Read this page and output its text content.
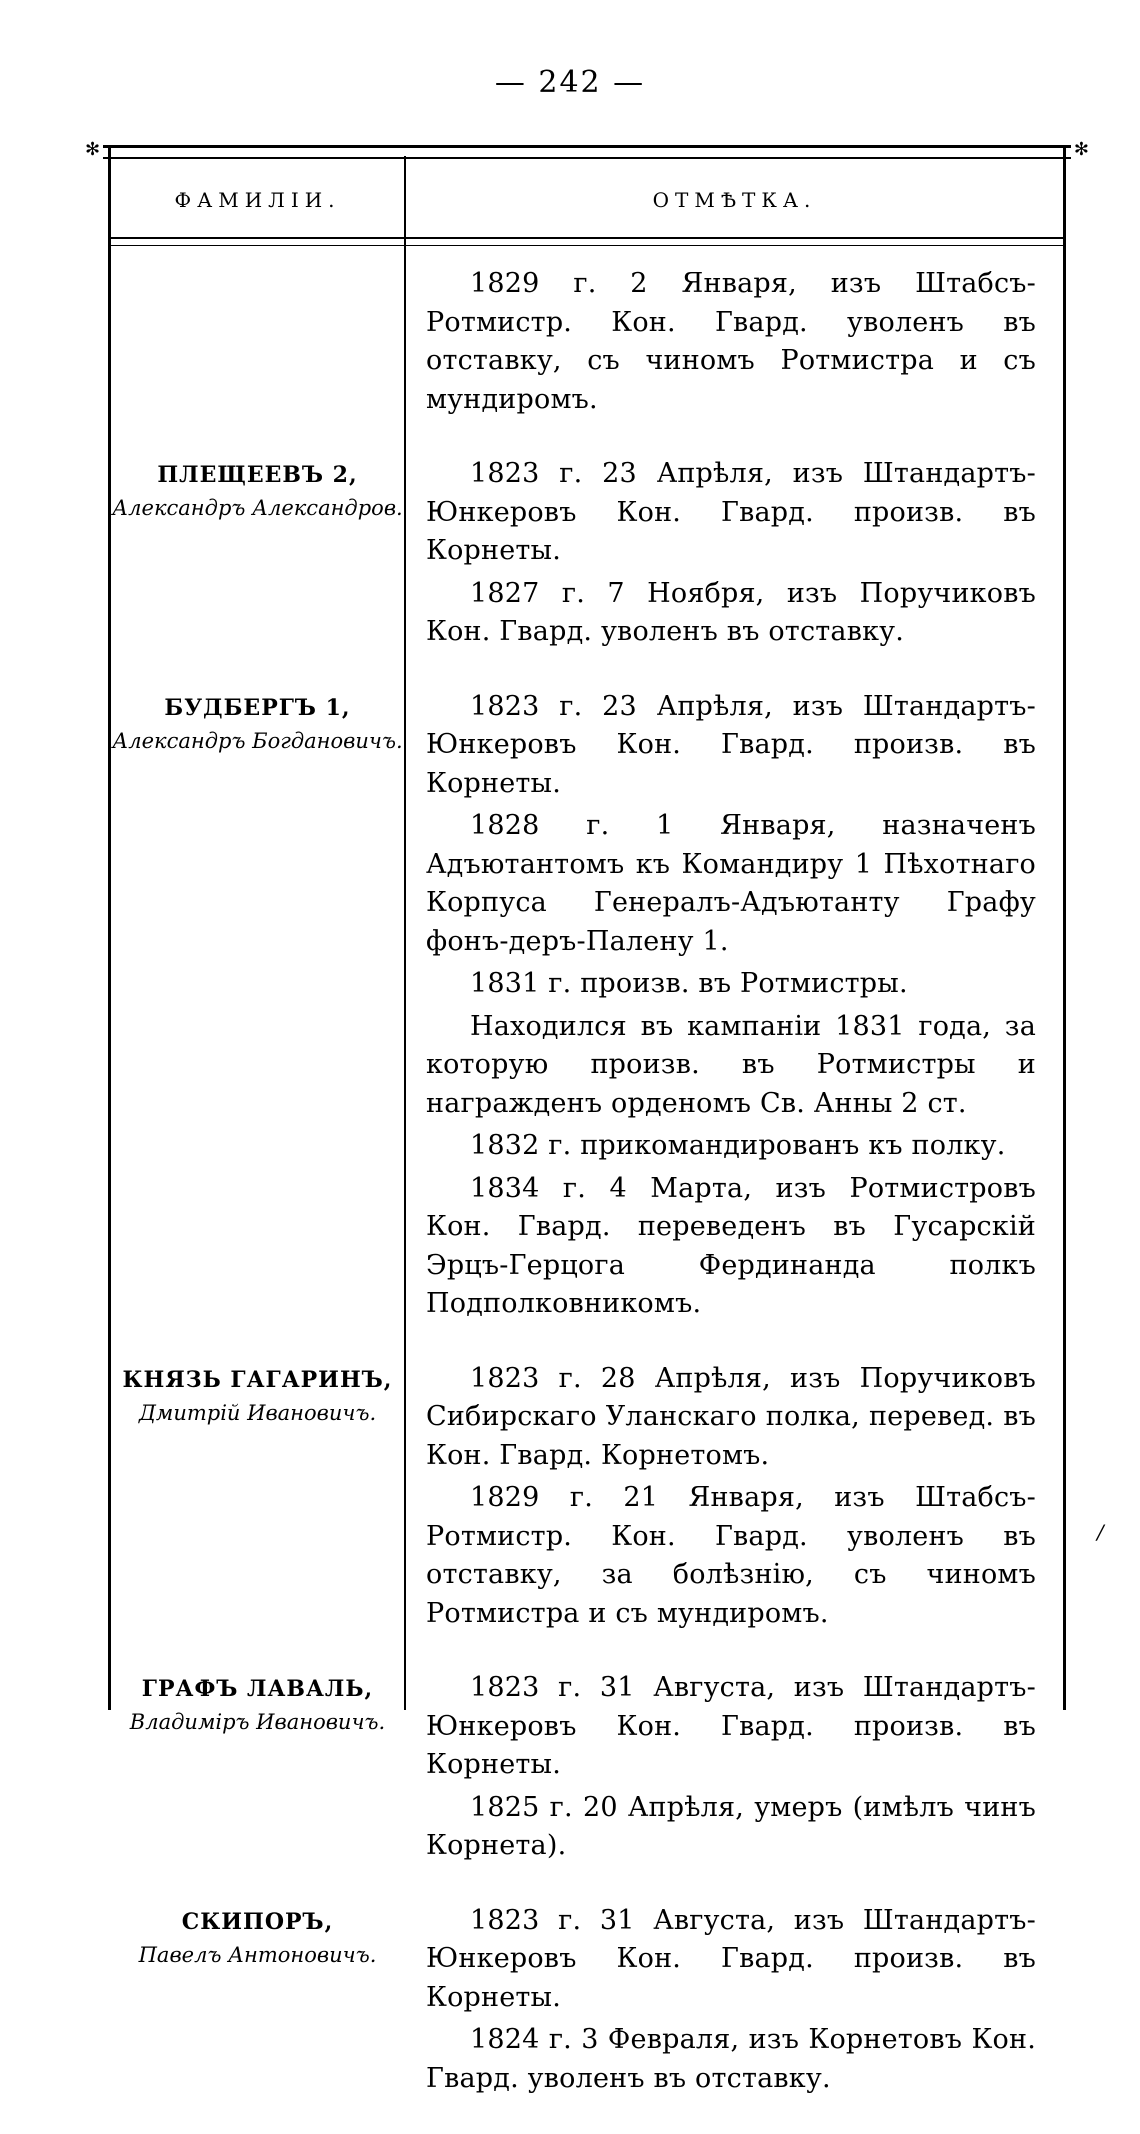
— 242 —
✻	✻
ФАМИЛIИ.	ОТМѢТКА.

1829 г. 2 Января, изъ Штабсъ-Ротмистр. Кон. Гвард. уволенъ въ отставку, съ чиномъ Ротмистра и съ мундиромъ.

ПЛЕЩЕЕВЪ 2,
Александръ Александров.

1823 г. 23 Апрѣля, изъ Штандартъ-Юнкеровъ Кон. Гвард. произв. въ Корнеты.

1827 г. 7 Ноября, изъ Поручиковъ Кон. Гвард. уволенъ въ отставку.

БУДБЕРГЪ 1,
Александръ Богдановичъ.

1823 г. 23 Апрѣля, изъ Штандартъ-Юнкеровъ Кон. Гвард. произв. въ Корнеты.

1828 г. 1 Января, назначенъ Адъютантомъ къ Командиру 1 Пѣхотнаго Корпуса Генералъ-Адъютанту Графу фонъ-деръ-Палену 1.

1831 г. произв. въ Ротмистры.

Находился въ кампанiи 1831 года, за которую произв. въ Ротмистры и награжденъ орденомъ Св. Анны 2 ст.

1832 г. прикомандированъ къ полку.

1834 г. 4 Марта, изъ Ротмистровъ Кон. Гвард. переведенъ въ Гусарскiй Эрцъ-Герцога Фердинанда полкъ Подполковникомъ.

КНЯЗЬ ГАГАРИНЪ,
Дмитрiй Ивановичъ.

1823 г. 28 Апрѣля, изъ Поручиковъ Сибирскаго Уланскаго полка, перевед. въ Кон. Гвард. Корнетомъ.

1829 г. 21 Января, изъ Штабсъ-Ротмистр. Кон. Гвард. уволенъ въ отставку, за болѣзнiю, съ чиномъ Ротмистра и съ мундиромъ.

ГРАФЪ ЛАВАЛЬ,
Владимiръ Ивановичъ.

1823 г. 31 Августа, изъ Штандартъ-Юнкеровъ Кон. Гвард. произв. въ Корнеты.

1825 г. 20 Апрѣля, умеръ (имѣлъ чинъ Корнета).

СКИПОРЪ,
Павелъ Антоновичъ.

1823 г. 31 Августа, изъ Штандартъ-Юнкеровъ Кон. Гвард. произв. въ Корнеты.

1824 г. 3 Февраля, изъ Корнетовъ Кон. Гвард. уволенъ въ отставку.

/
